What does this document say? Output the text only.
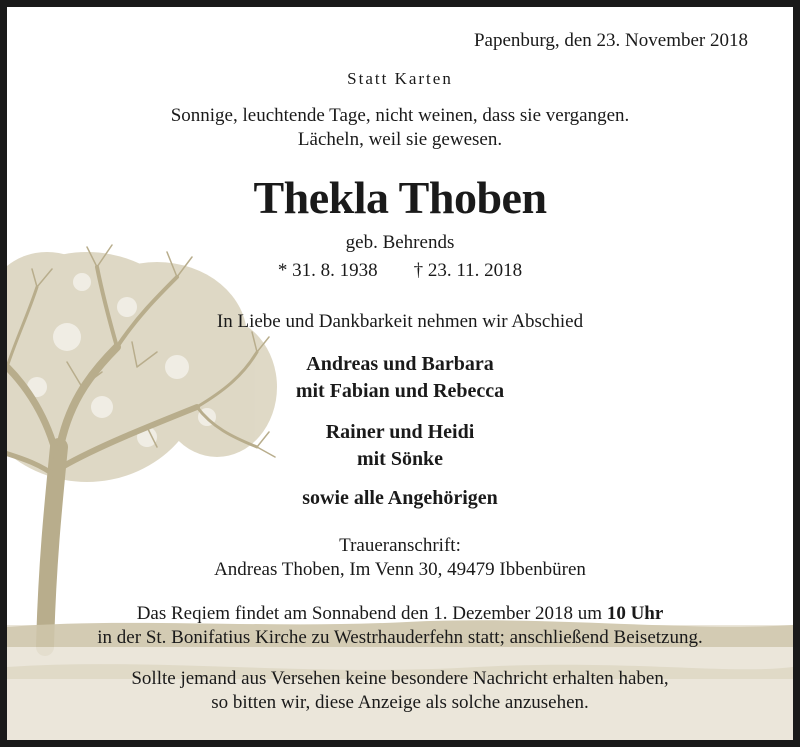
Papenburg, den 23. November 2018
Statt Karten
Sonnige, leuchtende Tage, nicht weinen, dass sie vergangen.
Lächeln, weil sie gewesen.
Thekla Thoben
geb. Behrends
* 31. 8. 1938 † 23. 11. 2018
In Liebe und Dankbarkeit nehmen wir Abschied
Andreas und Barbara
mit Fabian und Rebecca
Rainer und Heidi
mit Sönke
sowie alle Angehörigen
Traueranschrift:
Andreas Thoben, Im Venn 30, 49479 Ibbenbüren
Das Reqiem findet am Sonnabend den 1. Dezember 2018 um 10 Uhr
in der St. Bonifatius Kirche zu Westrhauderfehn statt; anschließend Beisetzung.
Sollte jemand aus Versehen keine besondere Nachricht erhalten haben,
so bitten wir, diese Anzeige als solche anzusehen.
